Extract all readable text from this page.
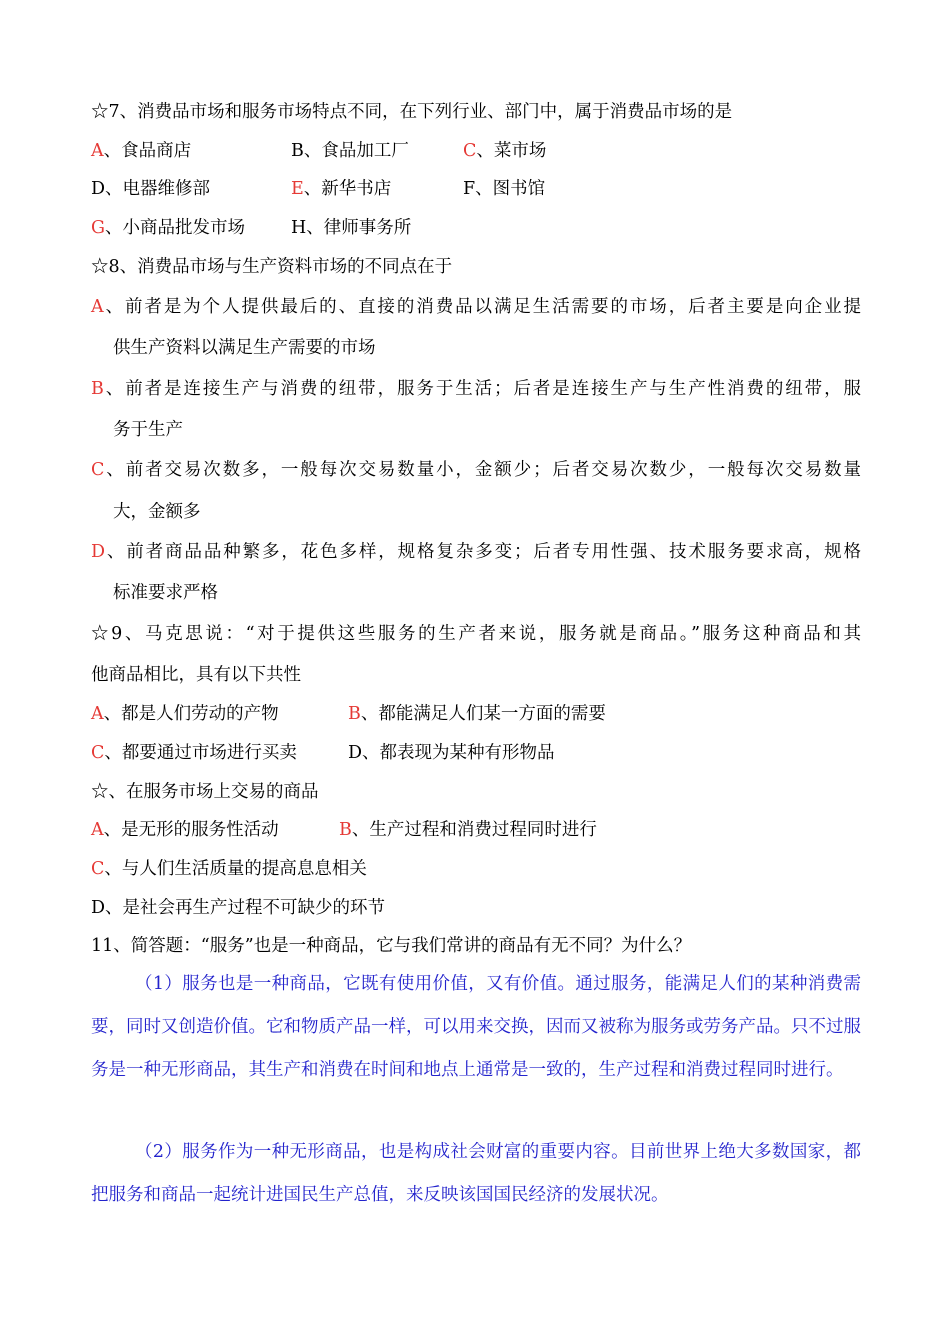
☆7、消费品市场和服务市场特点不同，在下列行业、部门中，属于消费品市场的是
A、食品商店	B、食品加工厂	C、菜市场
D、电器维修部	E、新华书店	F、图书馆
G、小商品批发市场	H、律师事务所
☆8、消费品市场与生产资料市场的不同点在于
A、前者是为个人提供最后的、直接的消费品以满足生活需要的市场，后者主要是向企业提
供生产资料以满足生产需要的市场
B、前者是连接生产与消费的纽带，服务于生活；后者是连接生产与生产性消费的纽带，服
务于生产
C、前者交易次数多，一般每次交易数量小，金额少；后者交易次数少，一般每次交易数量
大，金额多
D、前者商品品种繁多，花色多样，规格复杂多变；后者专用性强、技术服务要求高，规格
标准要求严格
☆9、马克思说：“对于提供这些服务的生产者来说，服务就是商品。”服务这种商品和其
他商品相比，具有以下共性
A、都是人们劳动的产物	B、都能满足人们某一方面的需要
C、都要通过市场进行买卖	D、都表现为某种有形物品
☆、在服务市场上交易的商品
A、是无形的服务性活动	B、生产过程和消费过程同时进行
C、与人们生活质量的提高息息相关
D、是社会再生产过程不可缺少的环节
11、简答题：“服务”也是一种商品，它与我们常讲的商品有无不同？为什么？
（1）服务也是一种商品，它既有使用价值，又有价值。通过服务，能满足人们的某种消费需要，同时又创造价值。它和物质产品一样，可以用来交换，因而又被称为服务或劳务产品。只不过服务是一种无形商品，其生产和消费在时间和地点上通常是一致的，生产过程和消费过程同时进行。
（2）服务作为一种无形商品，也是构成社会财富的重要内容。目前世界上绝大多数国家，都把服务和商品一起统计进国民生产总值，来反映该国国民经济的发展状况。
